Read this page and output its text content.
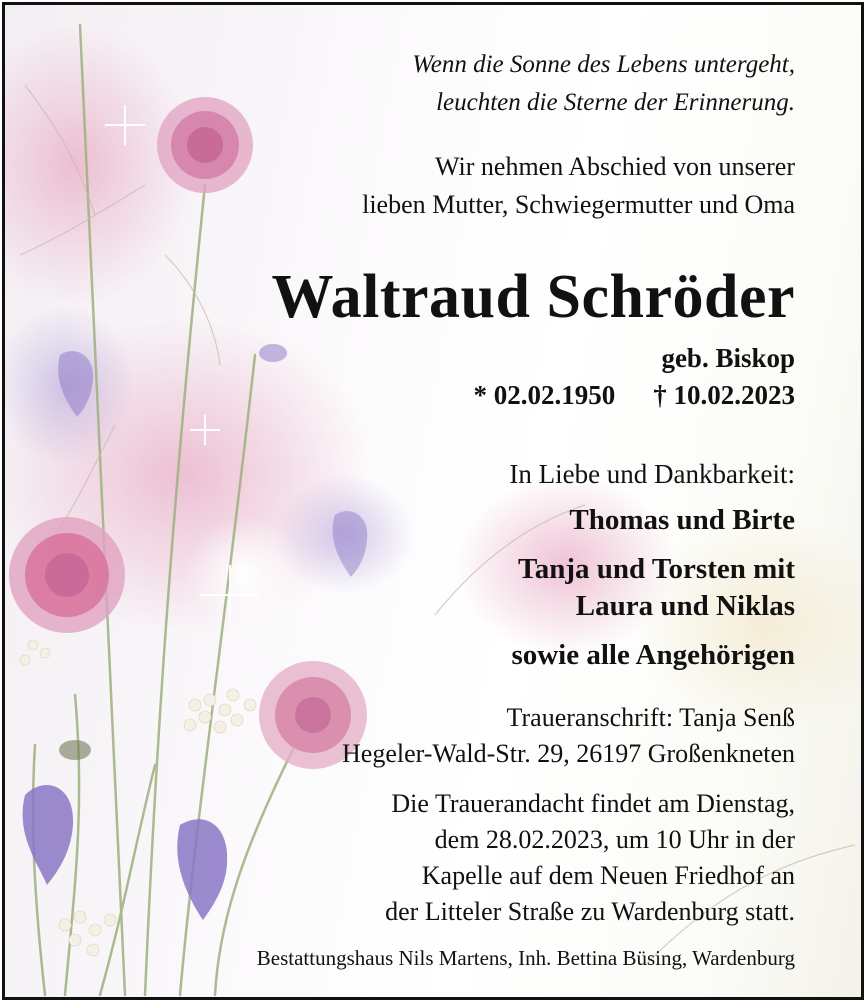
Wenn die Sonne des Lebens untergeht,
leuchten die Sterne der Erinnerung.
Wir nehmen Abschied von unserer
lieben Mutter, Schwiegermutter und Oma
Waltraud Schröder
geb. Biskop
* 02.02.1950 † 10.02.2023
In Liebe und Dankbarkeit:
Thomas und Birte
Tanja und Torsten mit
Laura und Niklas
sowie alle Angehörigen
Traueranschrift: Tanja Senß
Hegeler-Wald-Str. 29, 26197 Großenkneten
Die Trauerandacht findet am Dienstag,
dem 28.02.2023, um 10 Uhr in der
Kapelle auf dem Neuen Friedhof an
der Litteler Straße zu Wardenburg statt.
Bestattungshaus Nils Martens, Inh. Bettina Büsing, Wardenburg
